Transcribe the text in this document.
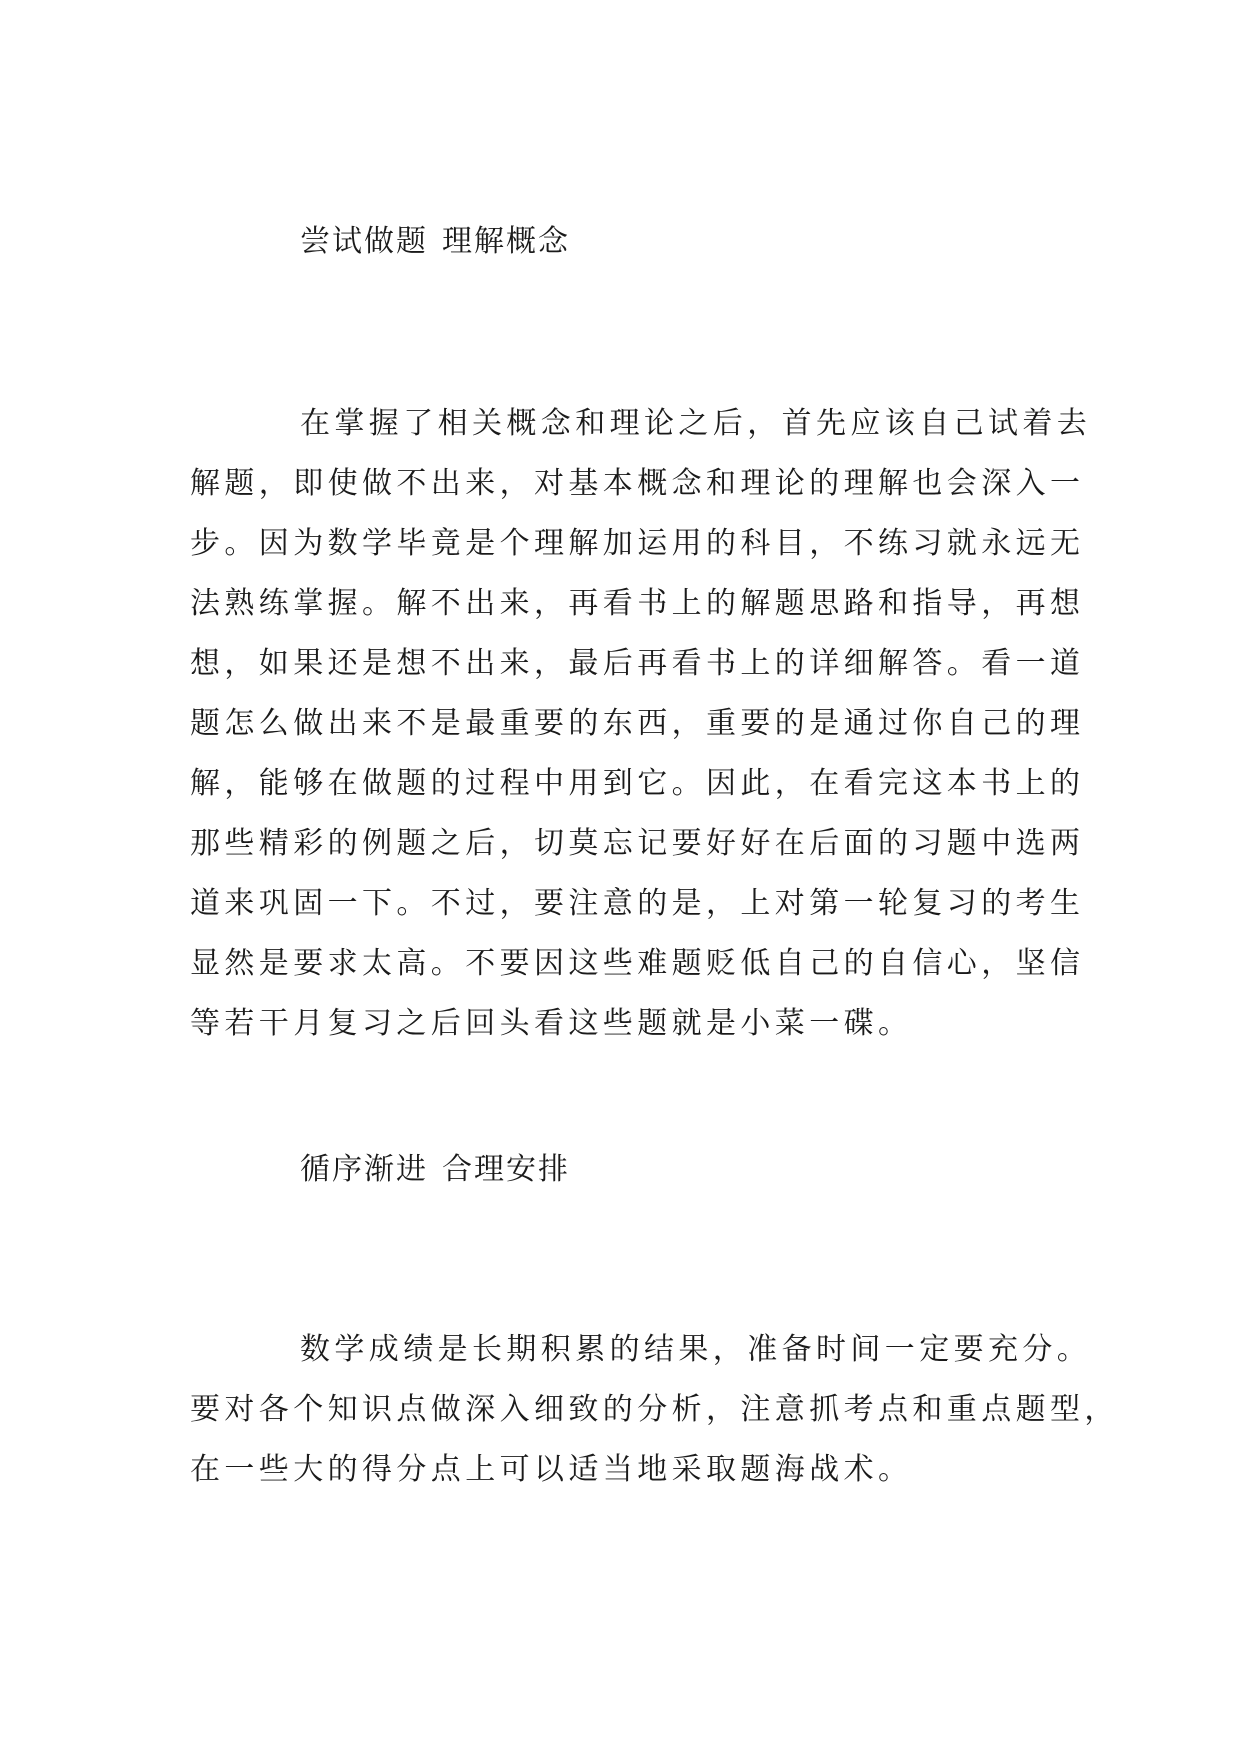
尝试做题 理解概念
在掌握了相关概念和理论之后，首先应该自己试着去
解题，即使做不出来，对基本概念和理论的理解也会深入一
步。因为数学毕竟是个理解加运用的科目，不练习就永远无
法熟练掌握。解不出来，再看书上的解题思路和指导，再想
想，如果还是想不出来，最后再看书上的详细解答。看一道
题怎么做出来不是最重要的东西，重要的是通过你自己的理
解，能够在做题的过程中用到它。因此，在看完这本书上的
那些精彩的例题之后，切莫忘记要好好在后面的习题中选两
道来巩固一下。不过，要注意的是，上对第一轮复习的考生
显然是要求太高。不要因这些难题贬低自己的自信心，坚信
等若干月复习之后回头看这些题就是小菜一碟。
循序渐进 合理安排
数学成绩是长期积累的结果，准备时间一定要充分。
要对各个知识点做深入细致的分析，注意抓考点和重点题型，
在一些大的得分点上可以适当地采取题海战术。
